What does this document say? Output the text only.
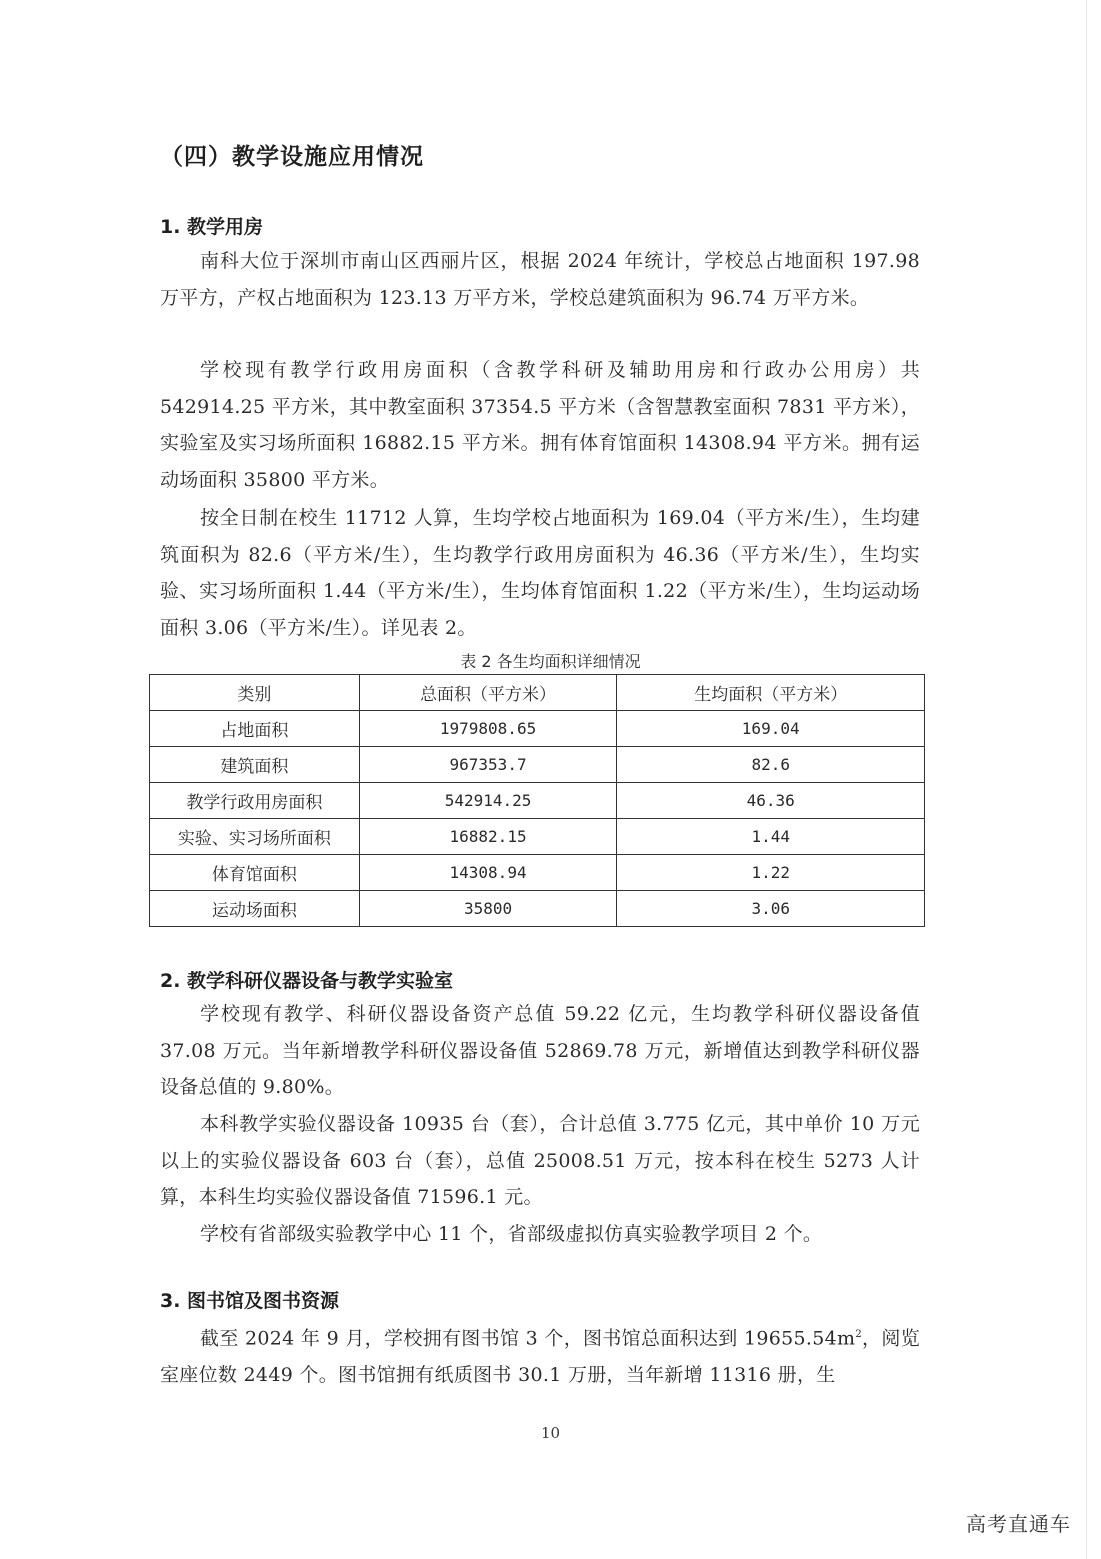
（四）教学设施应用情况
1. 教学用房

南科大位于深圳市南山区西丽片区，根据 2024 年统计，学校总占地面积 197.98 万平方，产权占地面积为 123.13 万平方米，学校总建筑面积为 96.74 万平方米。

学校现有教学行政用房面积（含教学科研及辅助用房和行政办公用房）共 542914.25 平方米，其中教室面积 37354.5 平方米（含智慧教室面积 7831 平方米），实验室及实习场所面积 16882.15 平方米。拥有体育馆面积 14308.94 平方米。拥有运动场面积 35800 平方米。

按全日制在校生 11712 人算，生均学校占地面积为 169.04（平方米/生），生均建筑面积为 82.6（平方米/生），生均教学行政用房面积为 46.36（平方米/生），生均实验、实习场所面积 1.44（平方米/生），生均体育馆面积 1.22（平方米/生），生均运动场面积 3.06（平方米/生）。详见表 2。

表 2 各生均面积详细情况
类别	总面积（平方米）	生均面积（平方米）
占地面积	1979808.65	169.04
建筑面积	967353.7	82.6
教学行政用房面积	542914.25	46.36
实验、实习场所面积	16882.15	1.44
体育馆面积	14308.94	1.22
运动场面积	35800	3.06
2. 教学科研仪器设备与教学实验室

学校现有教学、科研仪器设备资产总值 59.22 亿元，生均教学科研仪器设备值 37.08 万元。当年新增教学科研仪器设备值 52869.78 万元，新增值达到教学科研仪器设备总值的 9.80%。

本科教学实验仪器设备 10935 台（套），合计总值 3.775 亿元，其中单价 10 万元以上的实验仪器设备 603 台（套），总值 25008.51 万元，按本科在校生 5273 人计算，本科生均实验仪器设备值 71596.1 元。

学校有省部级实验教学中心 11 个，省部级虚拟仿真实验教学项目 2 个。

3. 图书馆及图书资源

截至 2024 年 9 月，学校拥有图书馆 3 个，图书馆总面积达到 $19655.54m^2$，阅览室座位数 2449 个。图书馆拥有纸质图书 30.1 万册，当年新增 11316 册，生

10
高考直通车
